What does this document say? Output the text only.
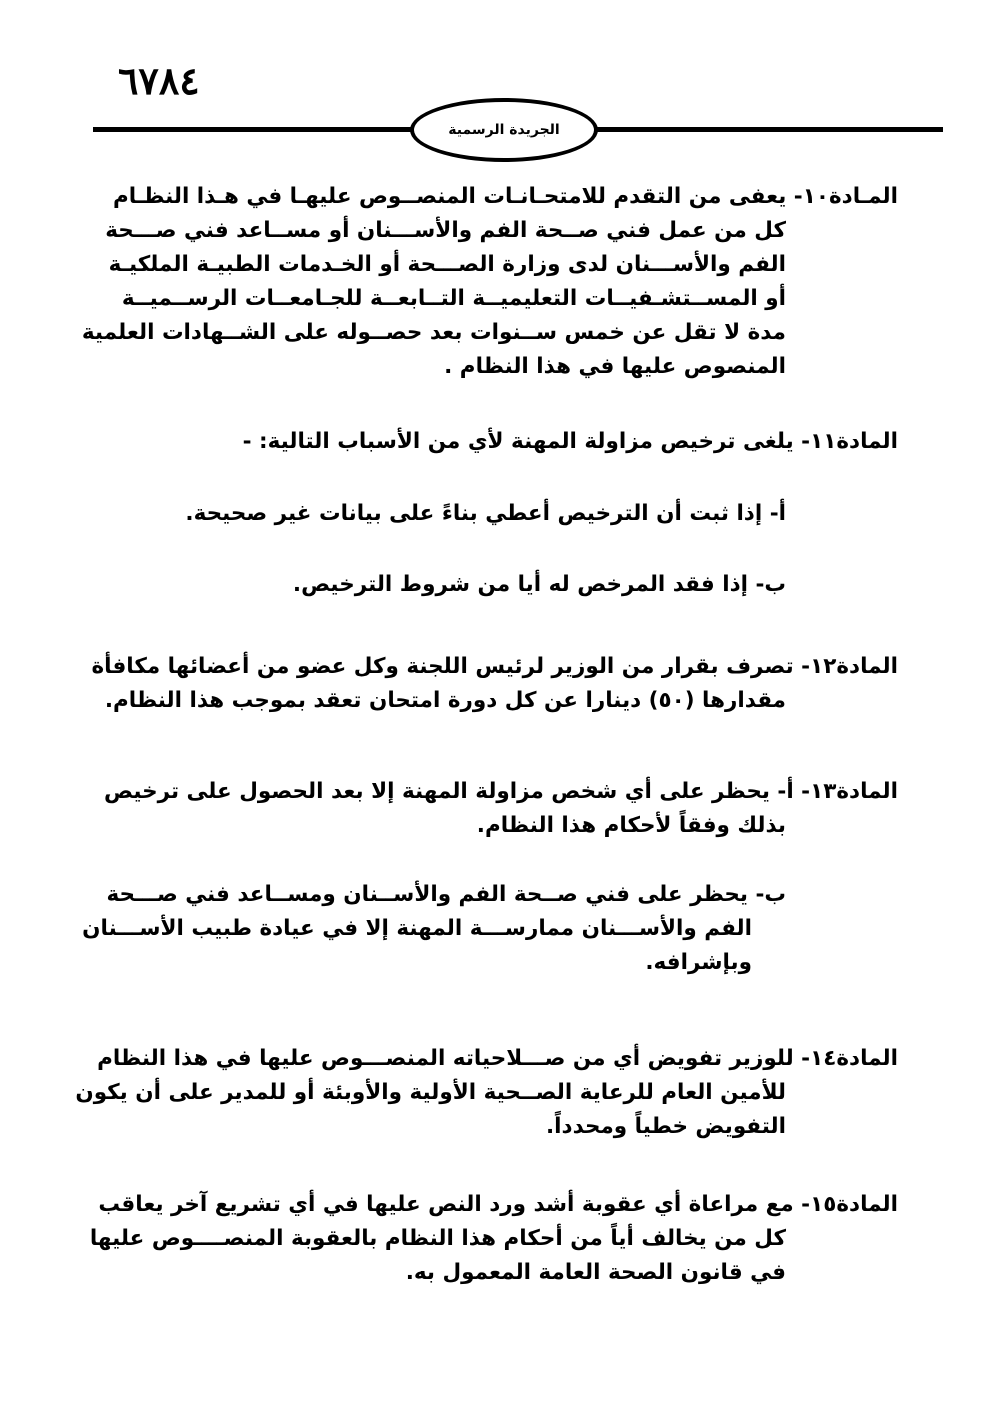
٦٧٨٤
الجريدة الرسمية
المـادة١٠- يعفى من التقدم للامتحـانـات المنصــوص عليهـا في هـذا النظـام
كل من عمل فني صــحة الفم والأســـنان أو مســاعد فني صـــحة
الفم والأســـنان لدى وزارة الصـــحة أو الخـدمات الطبيـة الملكيـة
أو المســتشـفيــات التعليميــة التــابعــة للجـامعــات الرســميــة
مدة لا تقل عن خمس ســنوات بعد حصــوله على الشــهادات العلمية
المنصوص عليها في هذا النظام .
المادة١١- يلغى ترخيص مزاولة المهنة لأي من الأسباب التالية: -
أ- إذا ثبت أن الترخيص أعطي بناءً على بيانات غير صحيحة.
ب- إذا فقد المرخص له أيا من شروط الترخيص.
المادة١٢- تصرف بقرار من الوزير لرئيس اللجنة وكل عضو من أعضائها مكافأة
مقدارها (٥٠) دينارا عن كل دورة امتحان تعقد بموجب هذا النظام.
المادة١٣- أ- يحظر على أي شخص مزاولة المهنة إلا بعد الحصول على ترخيص
بذلك وفقاً لأحكام هذا النظام.
ب- يحظر على فني صــحة الفم والأســنان ومســاعد فني صـــحة
الفم والأســـنان ممارســـة المهنة إلا في عيادة طبيب الأســـنان
وبإشرافه.
المادة١٤- للوزير تفويض أي من صـــلاحياته المنصـــوص عليها في هذا النظام
للأمين العام للرعاية الصــحية الأولية والأوبئة أو للمدير على أن يكون
التفويض خطياً ومحدداً.
المادة١٥- مع مراعاة أي عقوبة أشد ورد النص عليها في أي تشريع آخر يعاقب
كل من يخالف أياً من أحكام هذا النظام بالعقوبة المنصــــوص عليها
في قانون الصحة العامة المعمول به.
